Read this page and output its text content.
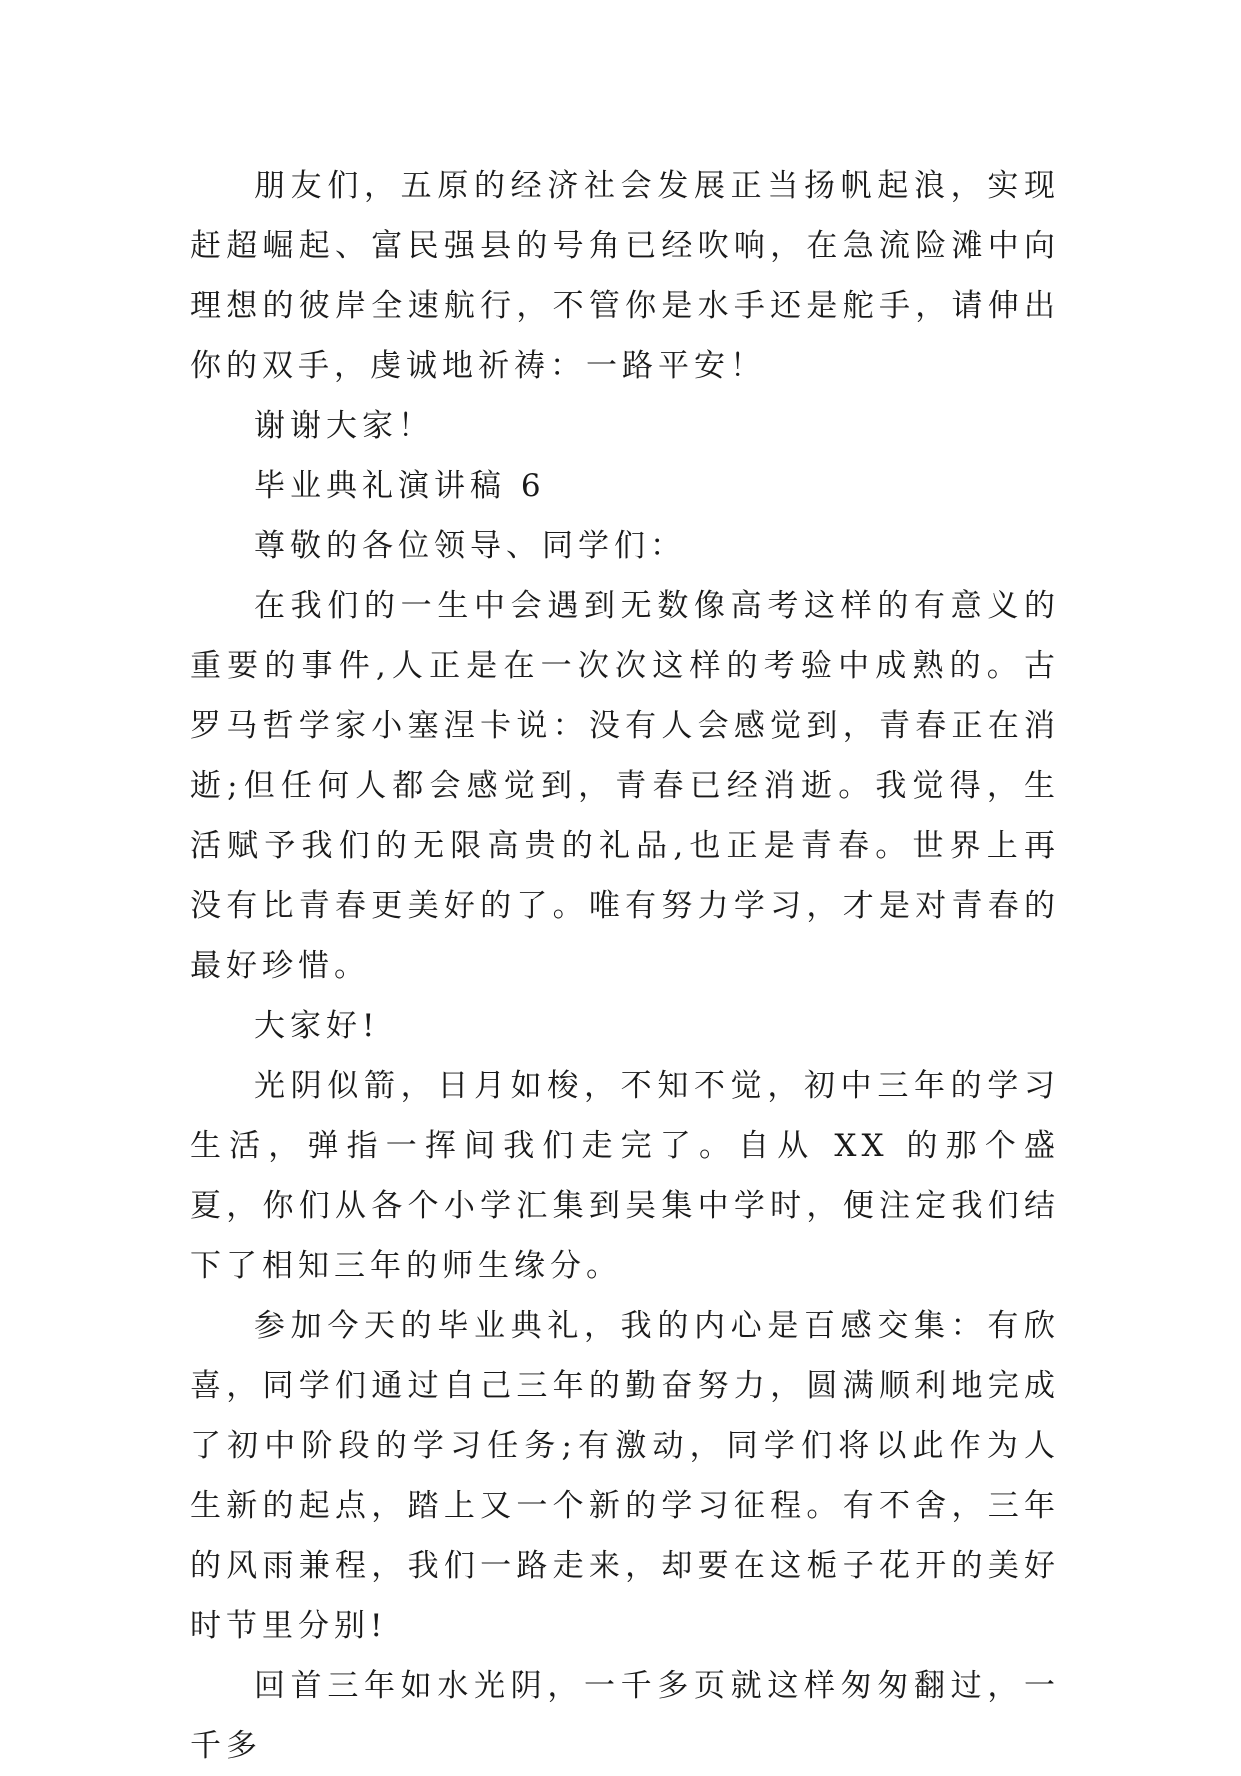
朋友们，五原的经济社会发展正当扬帆起浪，实现赶超崛起、富民强县的号角已经吹响，在急流险滩中向理想的彼岸全速航行，不管你是水手还是舵手，请伸出你的双手，虔诚地祈祷：一路平安！

谢谢大家！

毕业典礼演讲稿 6

尊敬的各位领导、同学们：

在我们的一生中会遇到无数像高考这样的有意义的重要的事件,人正是在一次次这样的考验中成熟的。古罗马哲学家小塞涅卡说：没有人会感觉到，青春正在消逝;但任何人都会感觉到，青春已经消逝。我觉得，生活赋予我们的无限高贵的礼品,也正是青春。世界上再没有比青春更美好的了。唯有努力学习，才是对青春的最好珍惜。

大家好!

光阴似箭，日月如梭，不知不觉，初中三年的学习生活，弹指一挥间我们走完了。自从 XX 的那个盛夏，你们从各个小学汇集到吴集中学时，便注定我们结下了相知三年的师生缘分。

参加今天的毕业典礼，我的内心是百感交集：有欣喜，同学们通过自己三年的勤奋努力，圆满顺利地完成了初中阶段的学习任务;有激动，同学们将以此作为人生新的起点，踏上又一个新的学习征程。有不舍，三年的风雨兼程，我们一路走来，却要在这栀子花开的美好时节里分别!

回首三年如水光阴，一千多页就这样匆匆翻过，一千多
